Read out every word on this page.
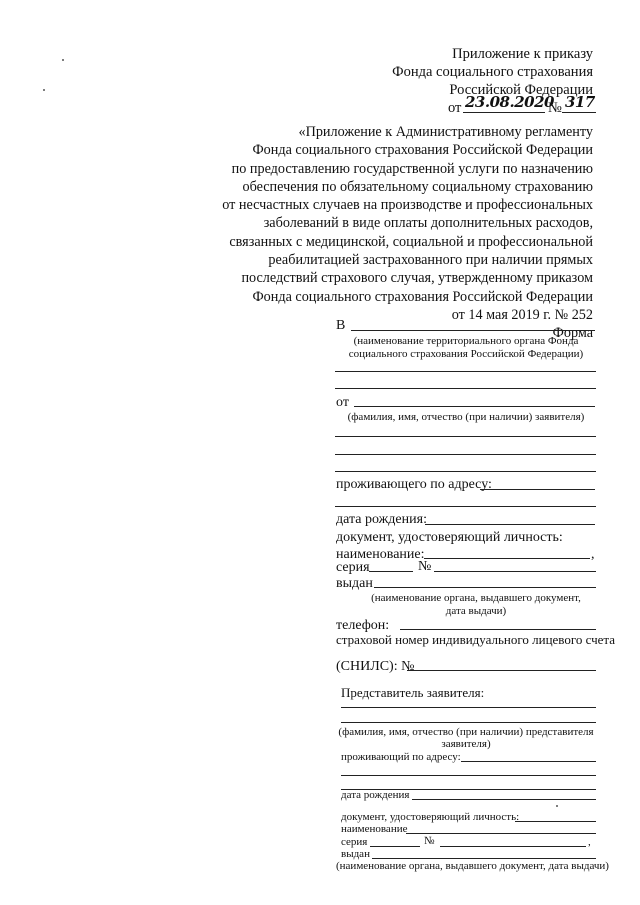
Приложение к приказу
Фонда социального страхования
Российской Федерации
от 23.08.2020
№ 317
«Приложение к Административному регламенту
Фонда социального страхования Российской Федерации
по предоставлению государственной услуги по назначению
обеспечения по обязательному социальному страхованию
от несчастных случаев на производстве и профессиональных
заболеваний в виде оплаты дополнительных расходов,
связанных с медицинской, социальной и профессиональной
реабилитацией застрахованного при наличии прямых
последствий страхового случая, утвержденному приказом
Фонда социального страхования Российской Федерации
от 14 мая 2019 г. № 252
Форма
В
(наименование территориального органа Фонда
социального страхования Российской Федерации)
от
(фамилия, имя, отчество (при наличии) заявителя)
проживающего по адресу:
дата рождения:
документ, удостоверяющий личность:
наименование:	,
серия	№
выдан
(наименование органа, выдавшего документ,
дата выдачи)
телефон:
страховой номер индивидуального лицевого счета
(СНИЛС): №
Представитель заявителя:
(фамилия, имя, отчество (при наличии) представителя
заявителя)
проживающий по адресу:
дата рождения
документ, удостоверяющий личность:
наименование
серия	№	,
выдан
(наименование органа, выдавшего документ, дата выдачи)
